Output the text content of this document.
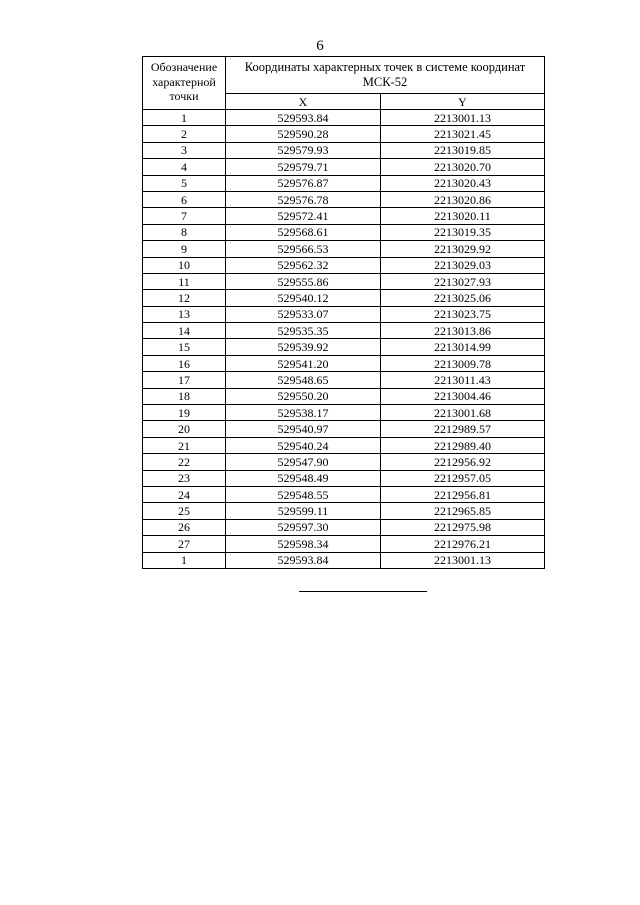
6
Обозначение характерной точки	Координаты характерных точек в системе координат МСК-52	
	X	Y
1	529593.84	2213001.13
2	529590.28	2213021.45
3	529579.93	2213019.85
4	529579.71	2213020.70
5	529576.87	2213020.43
6	529576.78	2213020.86
7	529572.41	2213020.11
8	529568.61	2213019.35
9	529566.53	2213029.92
10	529562.32	2213029.03
11	529555.86	2213027.93
12	529540.12	2213025.06
13	529533.07	2213023.75
14	529535.35	2213013.86
15	529539.92	2213014.99
16	529541.20	2213009.78
17	529548.65	2213011.43
18	529550.20	2213004.46
19	529538.17	2213001.68
20	529540.97	2212989.57
21	529540.24	2212989.40
22	529547.90	2212956.92
23	529548.49	2212957.05
24	529548.55	2212956.81
25	529599.11	2212965.85
26	529597.30	2212975.98
27	529598.34	2212976.21
1	529593.84	2213001.13
